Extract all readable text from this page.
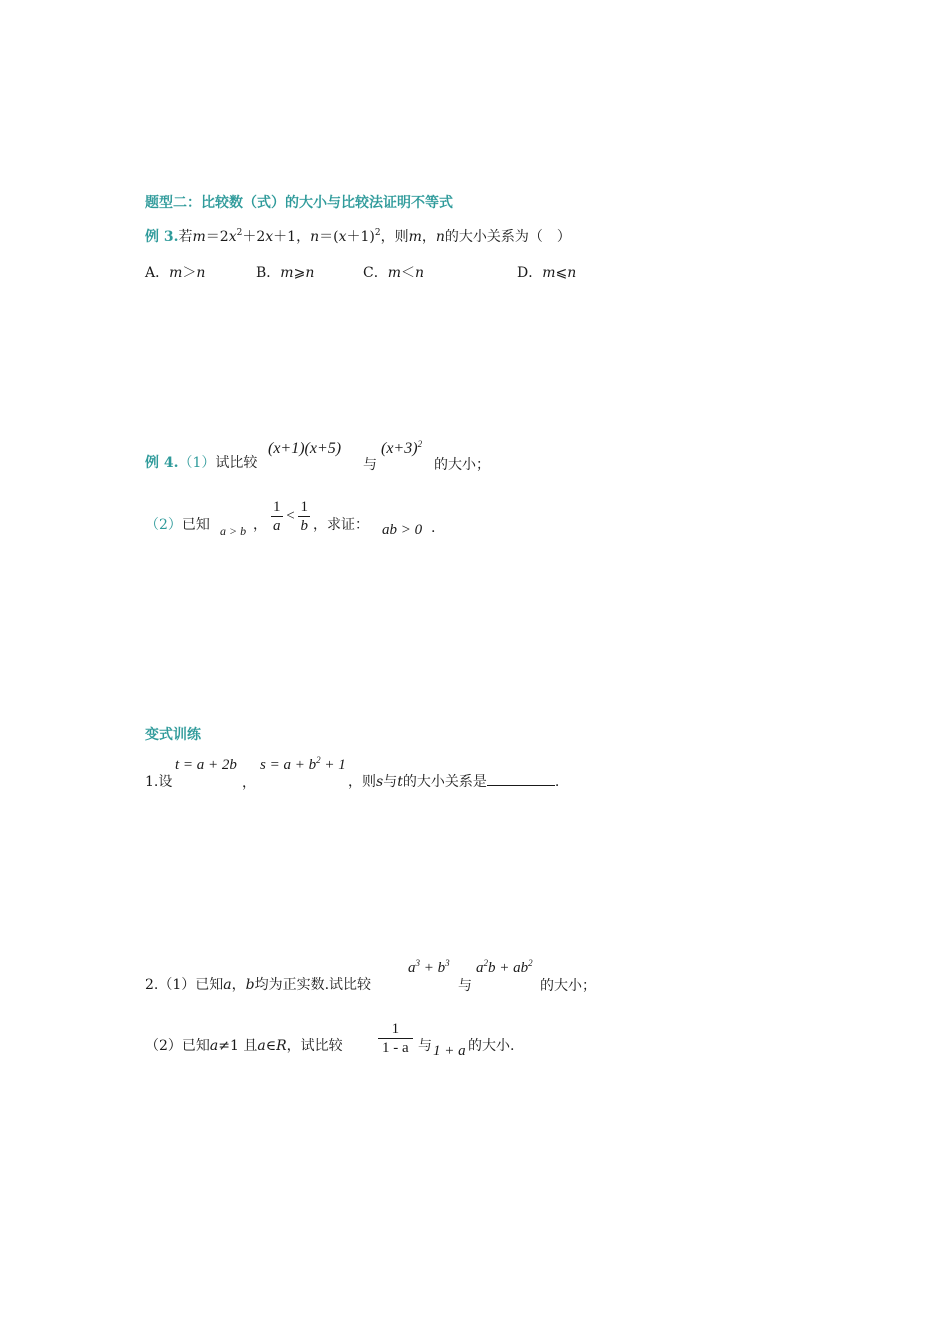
题型二：比较数（式）的大小与比较法证明不等式
例 3.若$m=2x^2+2x+1$，$n=(x+1)^2$，则m，n的大小关系为（　）
A．m＞n	B．m⩾n	C．m＜n	D．m⩽n
例 4.（1）试比较
(x+1)(x+5)
与
$(x+3)^2$
的大小；
（2）已知 a > b ， $\frac{1}{a} < \frac{1}{b}$ ，求证： ab > 0 .
变式训练
1.设
t = a + 2b
，
$s = a + b^2 + 1$
，则s与t的大小关系是	.
2.（1）已知a，b均为正实数.试比较
$a^3 + b^3$
与
$a^2b + ab^2$
的大小；
（2）已知a≠1 且a∈R，试比较 $\frac{1}{1 - a}$ 与 1 + a 的大小.
